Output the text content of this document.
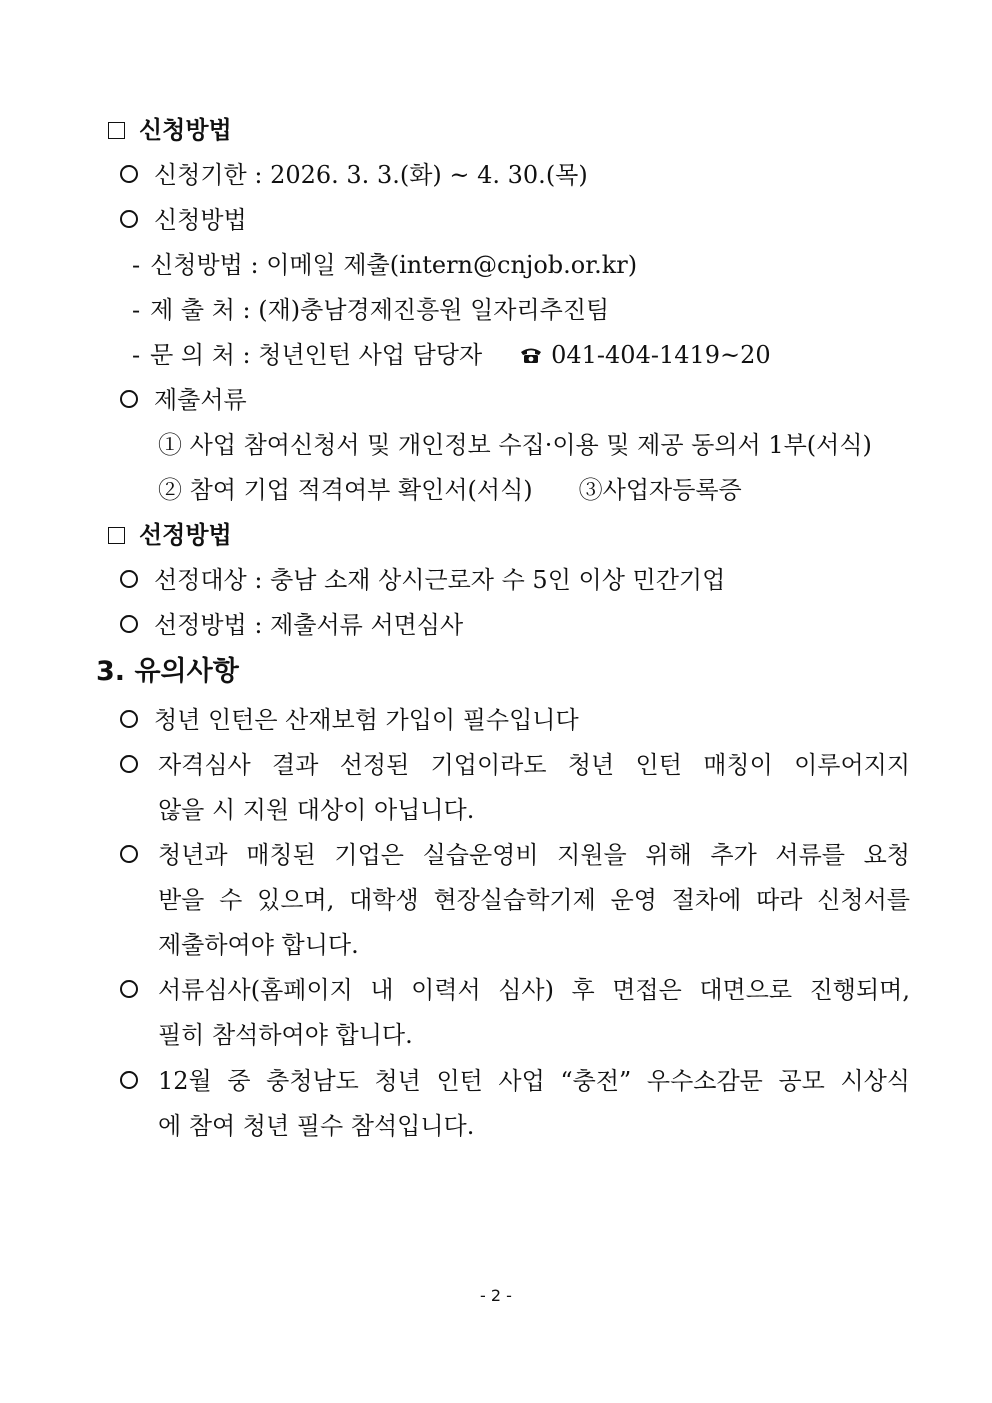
신청방법
신청기한 : 2026. 3. 3.(화) ~ 4. 30.(목)
신청방법
- 신청방법 : 이메일 제출(intern@cnjob.or.kr)
- 제 출 처 : (재)충남경제진흥원 일자리추진팀
- 문 의 처 : 청년인턴 사업 담당자	041-404-1419~20
제출서류
① 사업 참여신청서 및 개인정보 수집·이용 및 제공 동의서 1부(서식)
② 참여 기업 적격여부 확인서(서식) ③사업자등록증
선정방법
선정대상 : 충남 소재 상시근로자 수 5인 이상 민간기업
선정방법 : 제출서류 서면심사
3. 유의사항
청년 인턴은 산재보험 가입이 필수입니다
자격심사 결과 선정된 기업이라도 청년 인턴 매칭이 이루어지지
않을 시 지원 대상이 아닙니다.
청년과 매칭된 기업은 실습운영비 지원을 위해 추가 서류를 요청
받을 수 있으며, 대학생 현장실습학기제 운영 절차에 따라 신청서를
제출하여야 합니다.
서류심사(홈페이지 내 이력서 심사) 후 면접은 대면으로 진행되며,
필히 참석하여야 합니다.
12월 중 충청남도 청년 인턴 사업 “충전” 우수소감문 공모 시상식
에 참여 청년 필수 참석입니다.
- 2 -
